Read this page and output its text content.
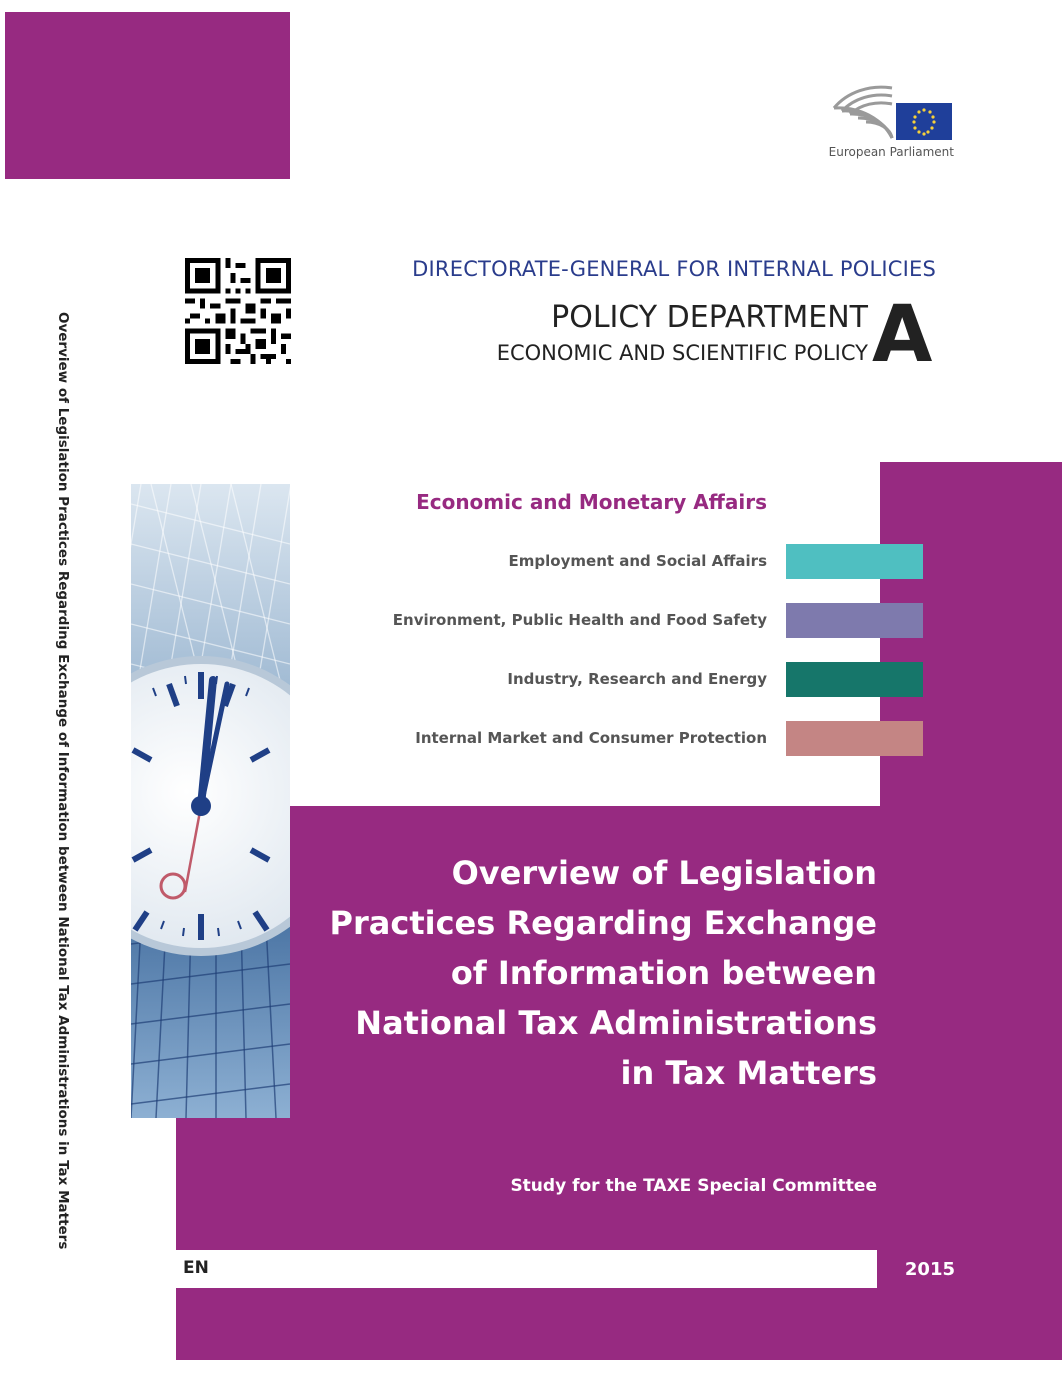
European Parliament
DIRECTORATE-GENERAL FOR INTERNAL POLICIES
POLICY DEPARTMENT
ECONOMIC AND SCIENTIFIC POLICY A
Overview of Legislation Practices Regarding Exchange of Information between National Tax Administrations in Tax Matters	Economic and Monetary Affairs
Employment and Social Affairs
Environment, Public Health and Food Safety
Industry, Research and Energy
Internal Market and Consumer Protection
Overview of Legislation
Practices Regarding Exchange
of Information between
National Tax Administrations
in Tax Matters
Study for the TAXE Special Committee
EN	2015
